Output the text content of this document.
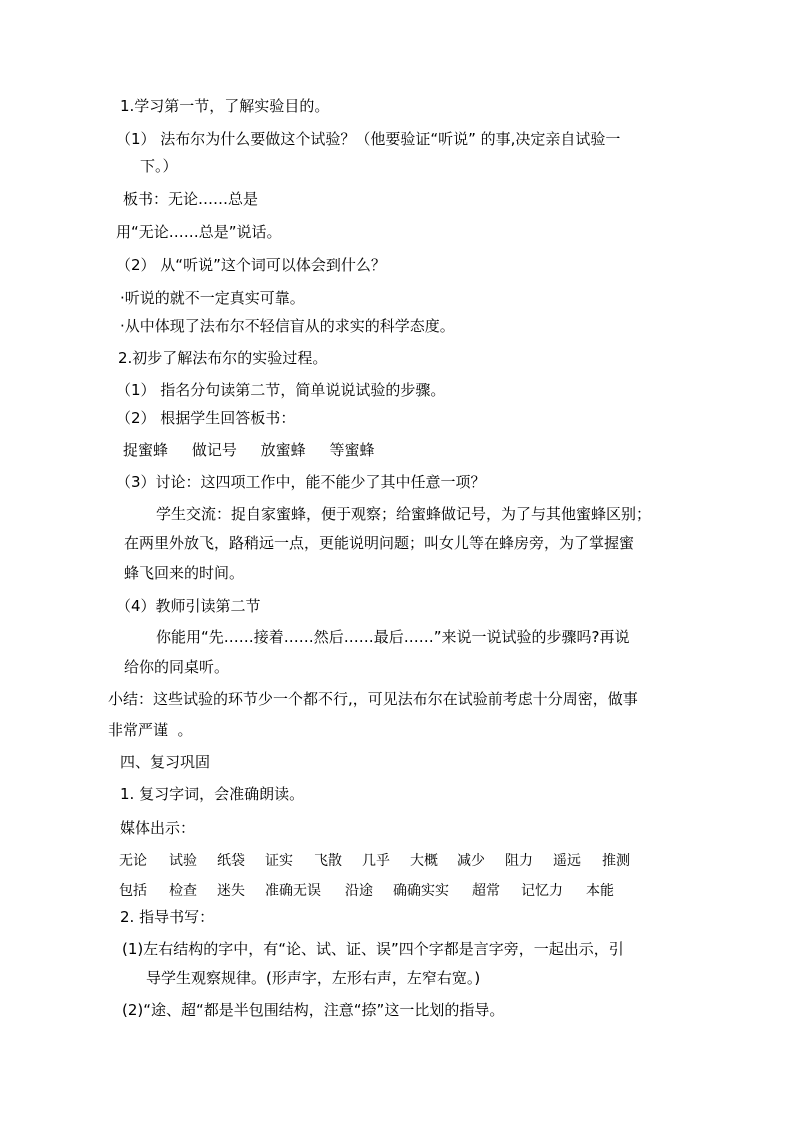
1.学习第一节，了解实验目的。
（1） 法布尔为什么要做这个试验？（他要验证“听说” 的事,决定亲自试验一
下。）
板书：无论……总是
用“无论……总是”说话。
（2） 从“听说”这个词可以体会到什么？
·听说的就不一定真实可靠。
·从中体现了法布尔不轻信盲从的求实的科学态度。
2.初步了解法布尔的实验过程。
（1） 指名分句读第二节，简单说说试验的步骤。
（2） 根据学生回答板书：
捉蜜蜂     做记号     放蜜蜂     等蜜蜂
（3）讨论：这四项工作中，能不能少了其中任意一项？
学生交流：捉自家蜜蜂，便于观察；给蜜蜂做记号，为了与其他蜜蜂区别；
在两里外放飞，路稍远一点，更能说明问题；叫女儿等在蜂房旁，为了掌握蜜
蜂飞回来的时间。
（4）教师引读第二节
你能用“先……接着……然后……最后……”来说一说试验的步骤吗?再说
给你的同桌听。
小结：这些试验的环节少一个都不行,，可见法布尔在试验前考虑十分周密，做事
非常严谨  。
四、复习巩固
1. 复习字词，会准确朗读。
媒体出示：
无论 试验 纸袋 证实 飞散 几乎 大概 减少 阻力 遥远 推测
包括 检查 迷失 准确无误 沿途 确确实实 超常 记忆力 本能
2. 指导书写：
(1)左右结构的字中，有“论、试、证、误”四个字都是言字旁，一起出示，引
导学生观察规律。(形声字，左形右声，左窄右宽。)
(2)“途、超“都是半包围结构，注意“捺”这一比划的指导。
